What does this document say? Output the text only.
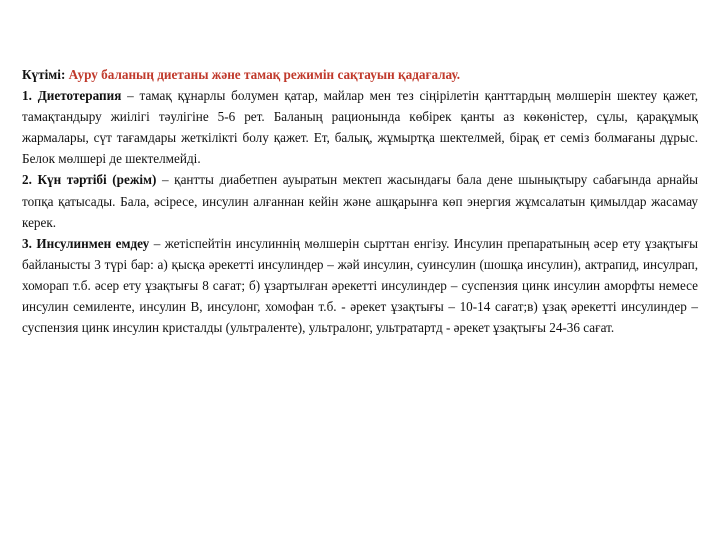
Күтімі: Ауру баланың диетаны және тамақ режимін сақтауын қадағалау.

1. Диетотерапия – тамақ құнарлы болумен қатар, майлар мен тез сіңірілетін қанттардың мөлшерін шектеу қажет, тамақтандыру жиілігі тәулігіне 5-6 рет. Баланың рационында көбірек қанты аз көкөністер, сұлы, қарақұмық жармалары, сүт тағамдары жеткілікті болу қажет. Ет, балық, жұмыртқа шектелмей, бірақ ет семіз болмағаны дұрыс. Белок мөлшері де шектелмейді.

2. Күн тәртібі (режім) – қантты диабетпен ауыратын мектеп жасындағы бала дене шынықтыру сабағында арнайы топқа қатысады. Бала, әсіресе, инсулин алғаннан кейін және ашқарынға көп энергия жұмсалатын қимылдар жасамау керек.

3. Инсулинмен емдеу – жетіспейтін инсулиннің мөлшерін сырттан енгізу. Инсулин препаратының әсер ету ұзақтығы байланысты 3 түрі бар: а) қысқа әрекетті инсулиндер – жәй инсулин, суинсулин (шошқа инсулин), актрапид, инсулрап, хоморап т.б. әсер ету ұзақтығы 8 сағат; б) ұзартылған әрекетті инсулиндер – суспензия цинк инсулин аморфты немесе инсулин семиленте, инсулин В, инсулонг, хомофан т.б. - әрекет ұзақтығы – 10-14 сағат;в) ұзақ әрекетті инсулиндер – суспензия цинк инсулин кристалды (ультраленте), ультралонг, ультратартд - әрекет ұзақтығы 24-36 сағат.
